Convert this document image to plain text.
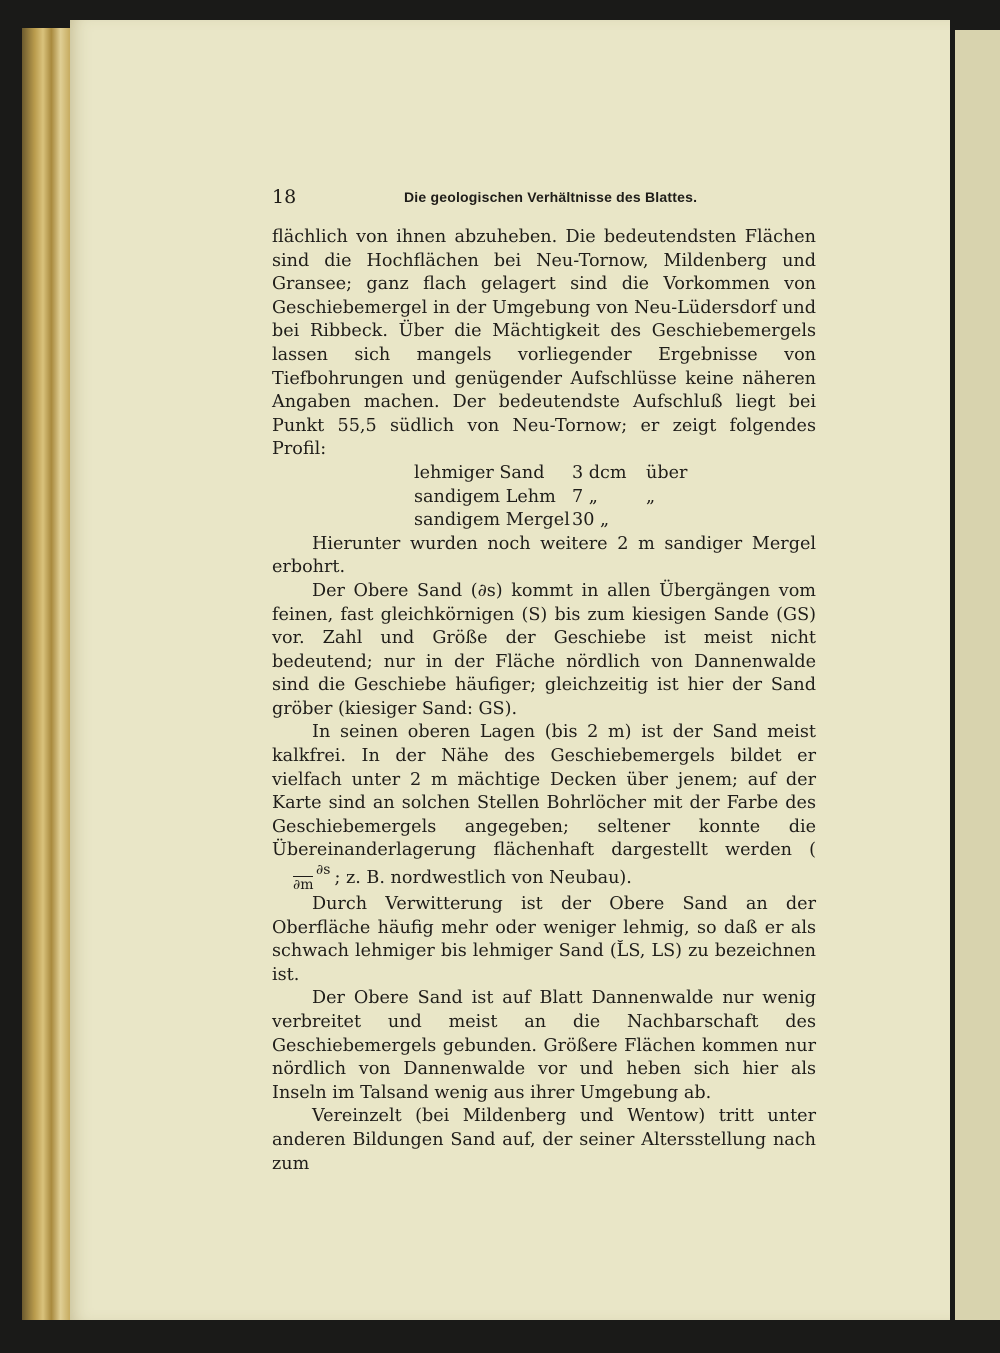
18	Die geologischen Verhältnisse des Blattes.

flächlich von ihnen abzuheben. Die bedeutendsten Flächen sind die Hochflächen bei Neu-Tornow, Mildenberg und Gransee; ganz flach gelagert sind die Vorkommen von Geschiebemergel in der Umgebung von Neu-Lüdersdorf und bei Ribbeck. Über die Mächtigkeit des Geschiebemergels lassen sich mangels vorliegender Ergebnisse von Tiefbohrungen und genügender Aufschlüsse keine näheren Angaben machen. Der bedeutendste Aufschluß liegt bei Punkt 55,5 südlich von Neu-Tornow; er zeigt folgendes Profil:

lehmiger Sand	3 dcm	über
sandigem Lehm 7 „	„
sandigem Mergel 30 „

Hierunter wurden noch weitere 2 m sandiger Mergel erbohrt.

Der Obere Sand (∂s) kommt in allen Übergängen vom feinen, fast gleichkörnigen (S) bis zum kiesigen Sande (GS) vor. Zahl und Größe der Geschiebe ist meist nicht bedeutend; nur in der Fläche nördlich von Dannenwalde sind die Geschiebe häufiger; gleichzeitig ist hier der Sand gröber (kiesiger Sand: GS).

In seinen oberen Lagen (bis 2 m) ist der Sand meist kalkfrei. In der Nähe des Geschiebemergels bildet er vielfach unter 2 m mächtige Decken über jenem; auf der Karte sind an solchen Stellen Bohrlöcher mit der Farbe des Geschiebemergels angegeben; seltener konnte die Übereinanderlagerung flächenhaft dargestellt werden (∂s
∂m ; z. B. nordwestlich von Neubau).

Durch Verwitterung ist der Obere Sand an der Oberfläche häufig mehr oder weniger lehmig, so daß er als schwach lehmiger bis lehmiger Sand (L̆S, LS) zu bezeichnen ist.

Der Obere Sand ist auf Blatt Dannenwalde nur wenig verbreitet und meist an die Nachbarschaft des Geschiebemergels gebunden. Größere Flächen kommen nur nördlich von Dannenwalde vor und heben sich hier als Inseln im Talsand wenig aus ihrer Umgebung ab.

Vereinzelt (bei Mildenberg und Wentow) tritt unter anderen Bildungen Sand auf, der seiner Altersstellung nach zum
